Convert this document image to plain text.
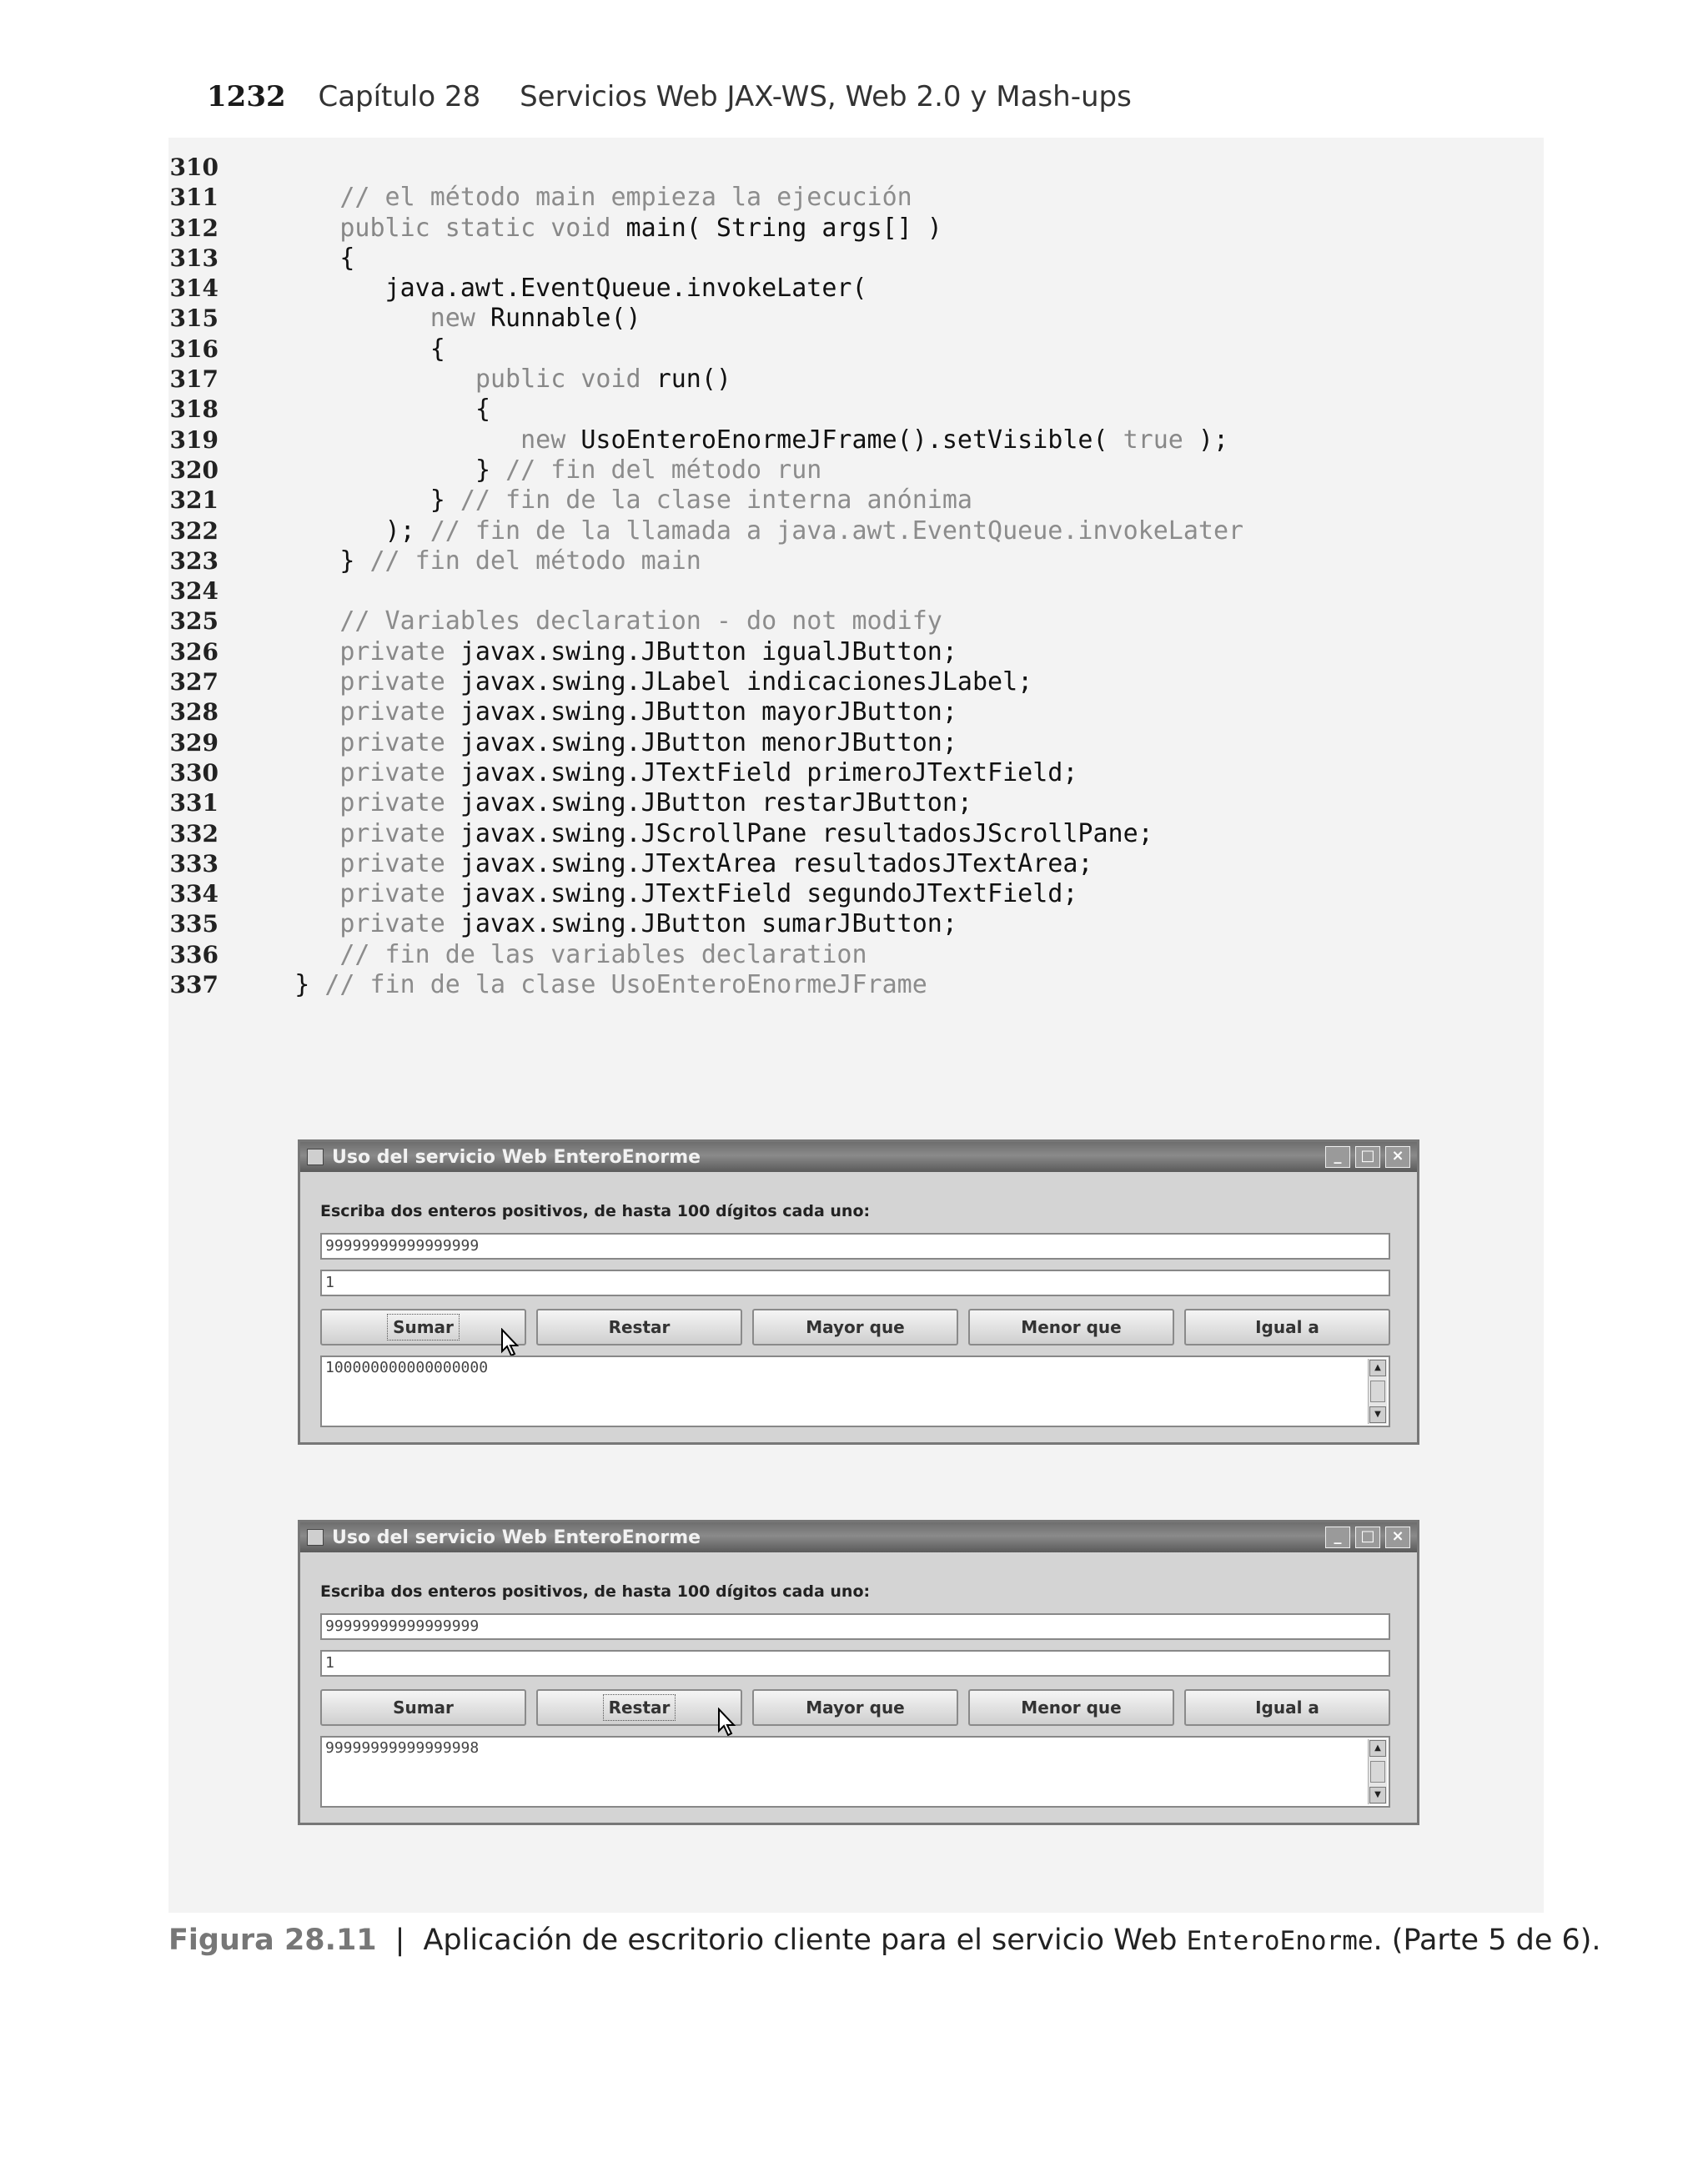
1232 Capítulo 28 Servicios Web JAX-WS, Web 2.0 y Mash-ups
310
311	// el método main empieza la ejecución
312	public static void main( String args[] )
313	{
314	java.awt.EventQueue.invokeLater(
315	new Runnable()
316	{
317	public void run()
318	{
319	new UsoEnteroEnormeJFrame().setVisible( true );
320	} // fin del método run
321	} // fin de la clase interna anónima
322	); // fin de la llamada a java.awt.EventQueue.invokeLater
323	} // fin del método main
324
325	// Variables declaration - do not modify
326	private javax.swing.JButton igualJButton;
327	private javax.swing.JLabel indicacionesJLabel;
328	private javax.swing.JButton mayorJButton;
329	private javax.swing.JButton menorJButton;
330	private javax.swing.JTextField primeroJTextField;
331	private javax.swing.JButton restarJButton;
332	private javax.swing.JScrollPane resultadosJScrollPane;
333	private javax.swing.JTextArea resultadosJTextArea;
334	private javax.swing.JTextField segundoJTextField;
335	private javax.swing.JButton sumarJButton;
336	// fin de las variables declaration
337	} // fin de la clase UsoEnteroEnormeJFrame
Uso del servicio Web EnteroEnorme	_	□	×
Escriba dos enteros positivos, de hasta 100 dígitos cada uno:
99999999999999999
1
Sumar	Restar	Mayor que	Menor que	Igual a
100000000000000000	▲
▼
Uso del servicio Web EnteroEnorme	_	□	×
Escriba dos enteros positivos, de hasta 100 dígitos cada uno:
99999999999999999
1
Sumar	Restar	Mayor que	Menor que	Igual a
99999999999999998	▲
▼
Figura 28.11 | Aplicación de escritorio cliente para el servicio Web EnteroEnorme. (Parte 5 de 6).
